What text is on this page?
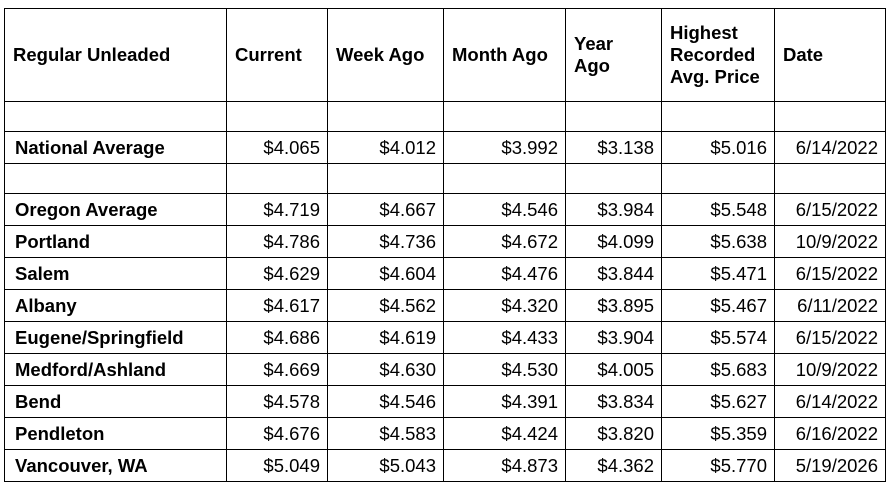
Regular Unleaded	Current	Week Ago	Month Ago	Year Ago	Highest Recorded Avg. Price	Date

National Average	$4.065	$4.012	$3.992	$3.138	$5.016	6/14/2022

Oregon Average	$4.719	$4.667	$4.546	$3.984	$5.548	6/15/2022
Portland	$4.786	$4.736	$4.672	$4.099	$5.638	10/9/2022
Salem	$4.629	$4.604	$4.476	$3.844	$5.471	6/15/2022
Albany	$4.617	$4.562	$4.320	$3.895	$5.467	6/11/2022
Eugene/Springfield	$4.686	$4.619	$4.433	$3.904	$5.574	6/15/2022
Medford/Ashland	$4.669	$4.630	$4.530	$4.005	$5.683	10/9/2022
Bend	$4.578	$4.546	$4.391	$3.834	$5.627	6/14/2022
Pendleton	$4.676	$4.583	$4.424	$3.820	$5.359	6/16/2022
Vancouver, WA	$5.049	$5.043	$4.873	$4.362	$5.770	5/19/2026
